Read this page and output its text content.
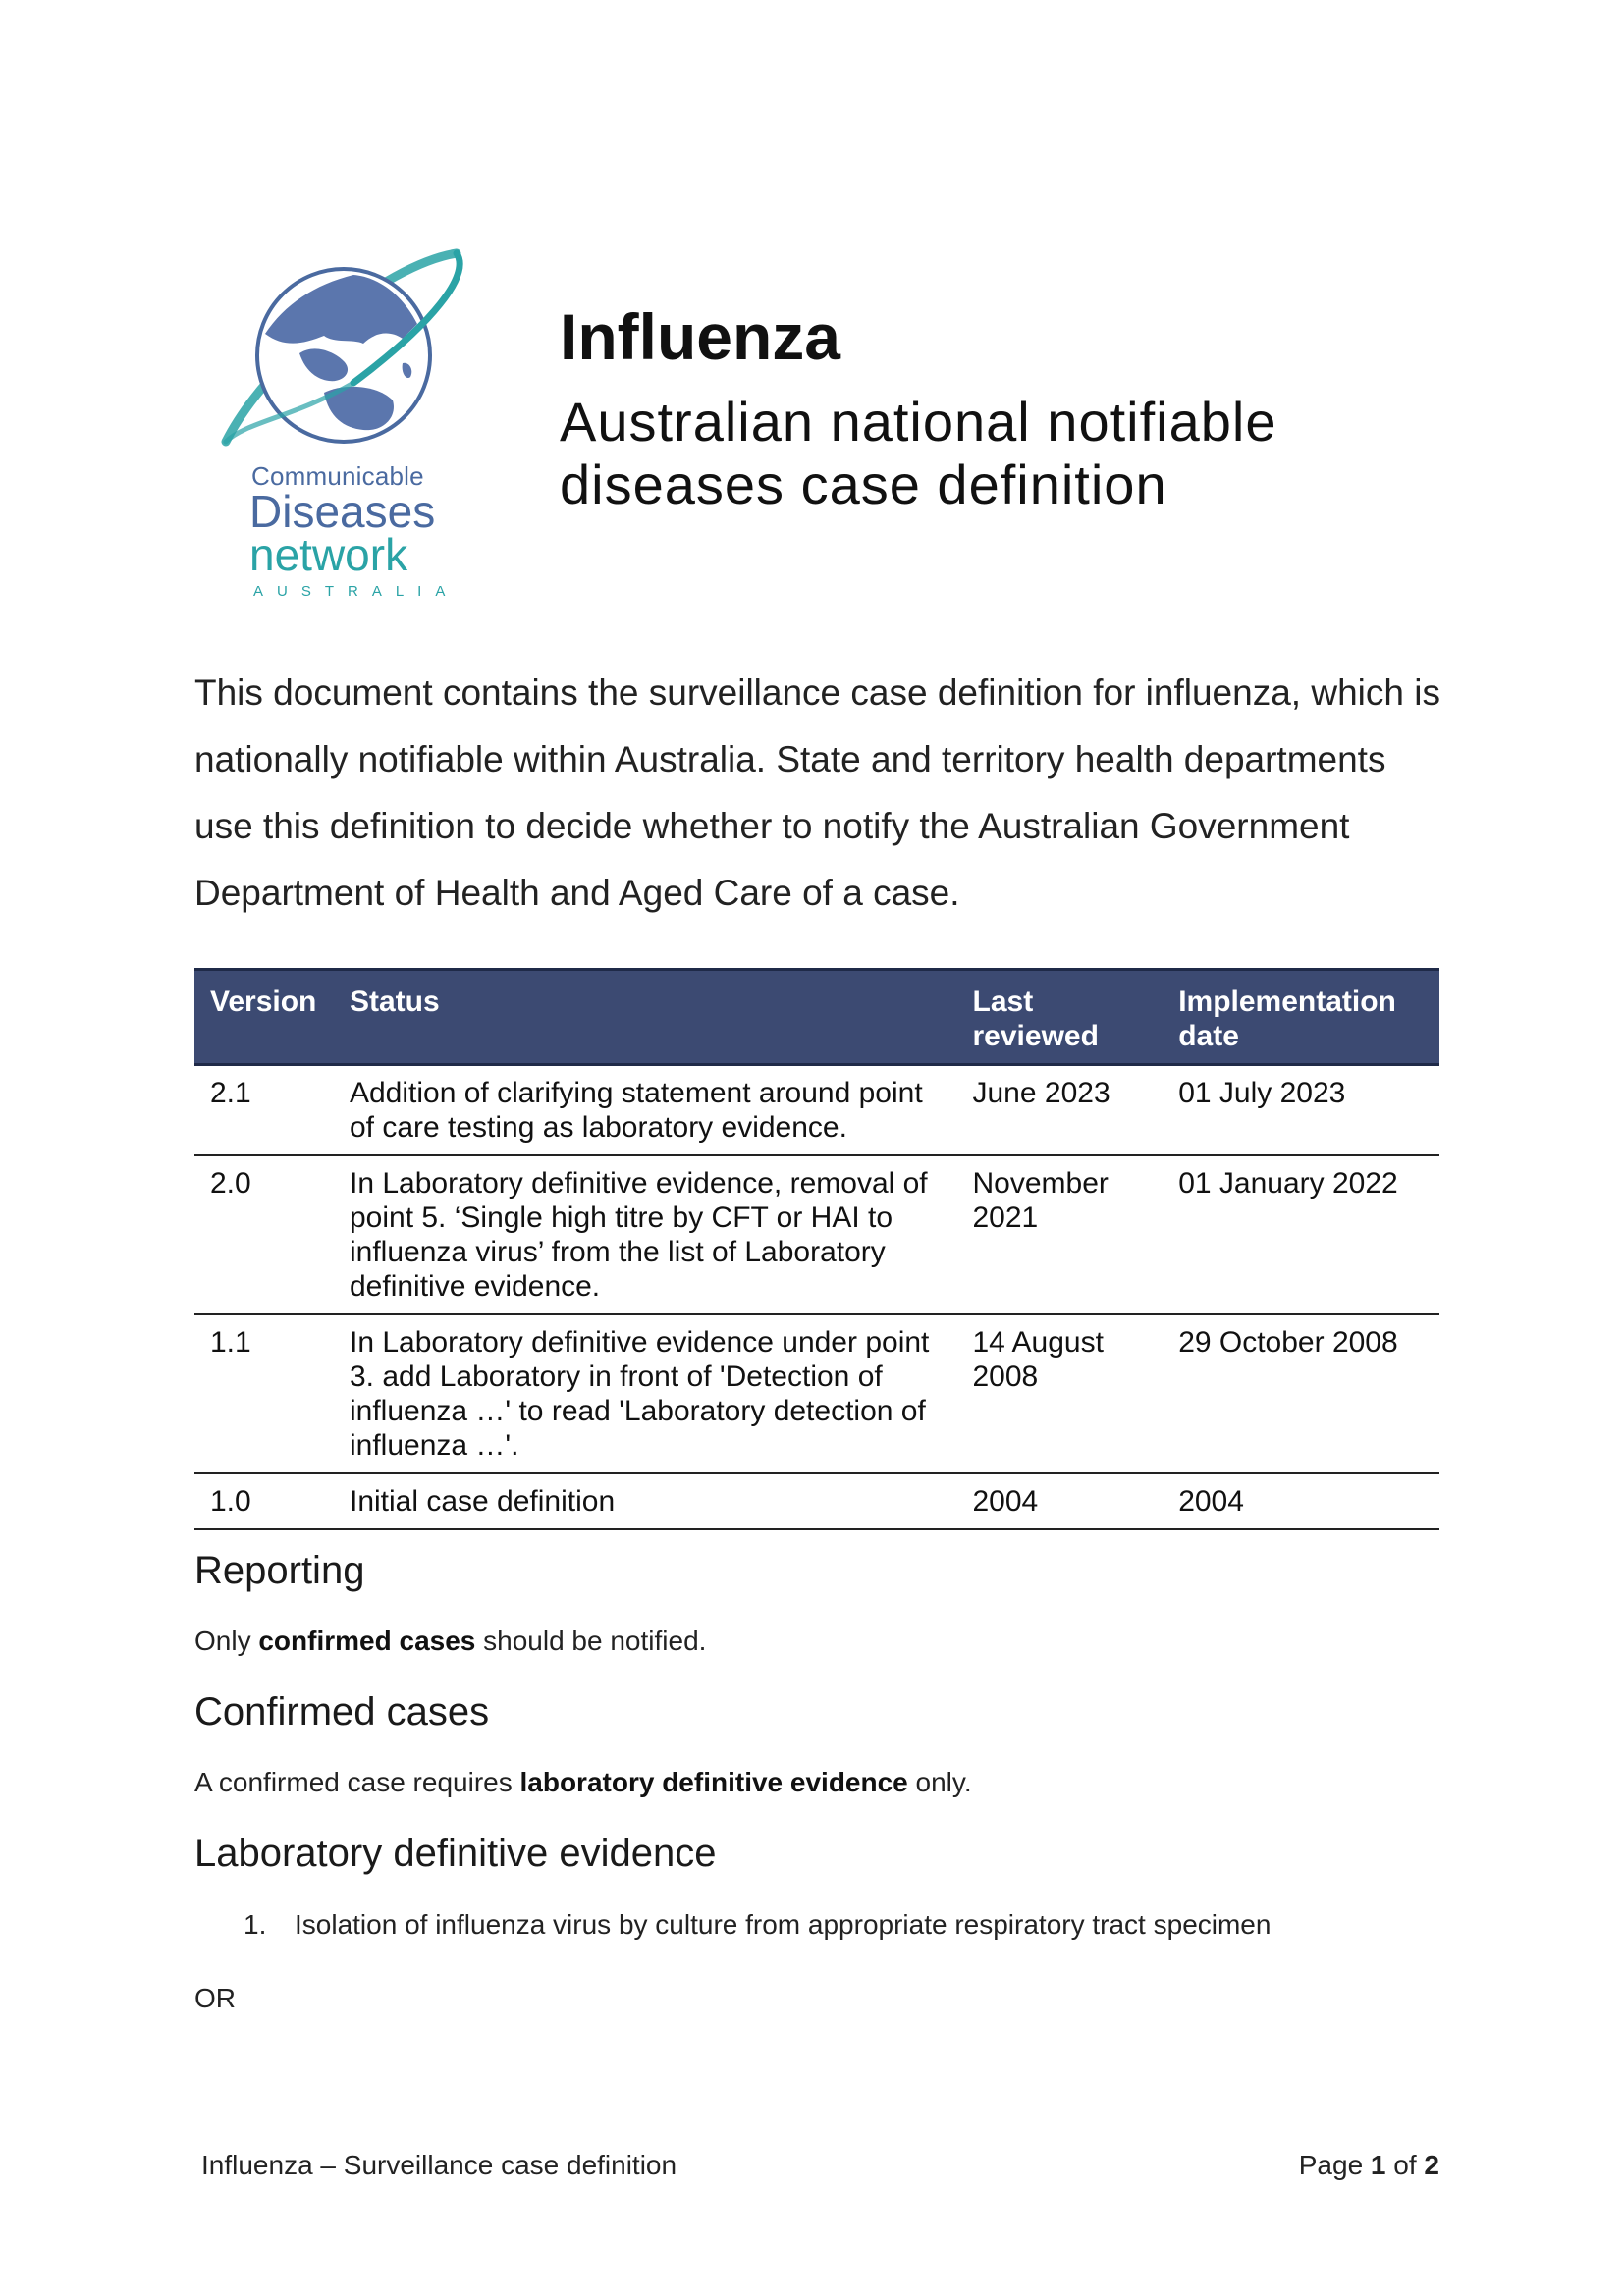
Communicable
Diseases
network
AUSTRALIA
Influenza
Australian national notifiable diseases case definition
This document contains the surveillance case definition for influenza, which is nationally notifiable within Australia. State and territory health departments use this definition to decide whether to notify the Australian Government Department of Health and Aged Care of a case.
Version	Status	Last reviewed	Implementation date
2.1	Addition of clarifying statement around point of care testing as laboratory evidence.	June 2023	01 July 2023
2.0	In Laboratory definitive evidence, removal of point 5. ‘Single high titre by CFT or HAI to influenza virus’ from the list of Laboratory definitive evidence.	November 2021	01 January 2022
1.1	In Laboratory definitive evidence under point 3. add Laboratory in front of 'Detection of influenza …' to read 'Laboratory detection of influenza …'.	14 August 2008	29 October 2008
1.0	Initial case definition	2004	2004
Reporting
Only confirmed cases should be notified.
Confirmed cases
A confirmed case requires laboratory definitive evidence only.
Laboratory definitive evidence
1. Isolation of influenza virus by culture from appropriate respiratory tract specimen
OR
Influenza – Surveillance case definition	Page 1 of 2
